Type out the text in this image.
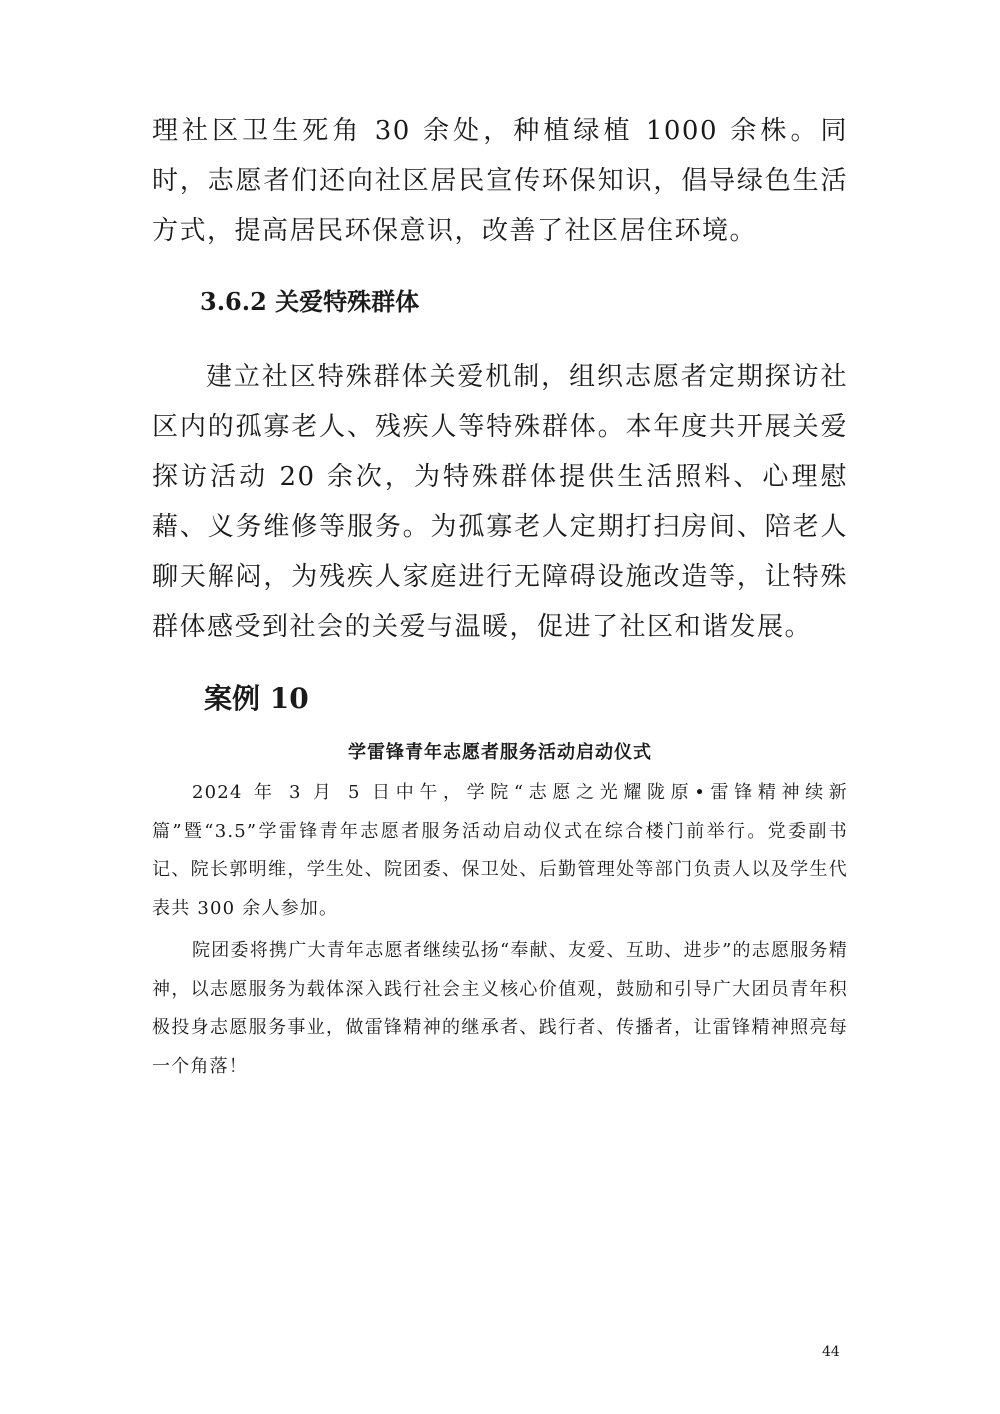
理社区卫生死角 30 余处，种植绿植 1000 余株。同时，志愿者们还向社区居民宣传环保知识，倡导绿色生活方式，提高居民环保意识，改善了社区居住环境。

3.6.2 关爱特殊群体

建立社区特殊群体关爱机制，组织志愿者定期探访社区内的孤寡老人、残疾人等特殊群体。本年度共开展关爱探访活动 20 余次，为特殊群体提供生活照料、心理慰藉、义务维修等服务。为孤寡老人定期打扫房间、陪老人聊天解闷，为残疾人家庭进行无障碍设施改造等，让特殊群体感受到社会的关爱与温暖，促进了社区和谐发展。

案例 10
学雷锋青年志愿者服务活动启动仪式

2024 年 3 月 5 日中午，学院“志愿之光耀陇原•雷锋精神续新篇”暨“3.5”学雷锋青年志愿者服务活动启动仪式在综合楼门前举行。党委副书记、院长郭明维，学生处、院团委、保卫处、后勤管理处等部门负责人以及学生代表共 300 余人参加。

院团委将携广大青年志愿者继续弘扬“奉献、友爱、互助、进步”的志愿服务精神，以志愿服务为载体深入践行社会主义核心价值观，鼓励和引导广大团员青年积极投身志愿服务事业，做雷锋精神的继承者、践行者、传播者，让雷锋精神照亮每一个角落！

44
